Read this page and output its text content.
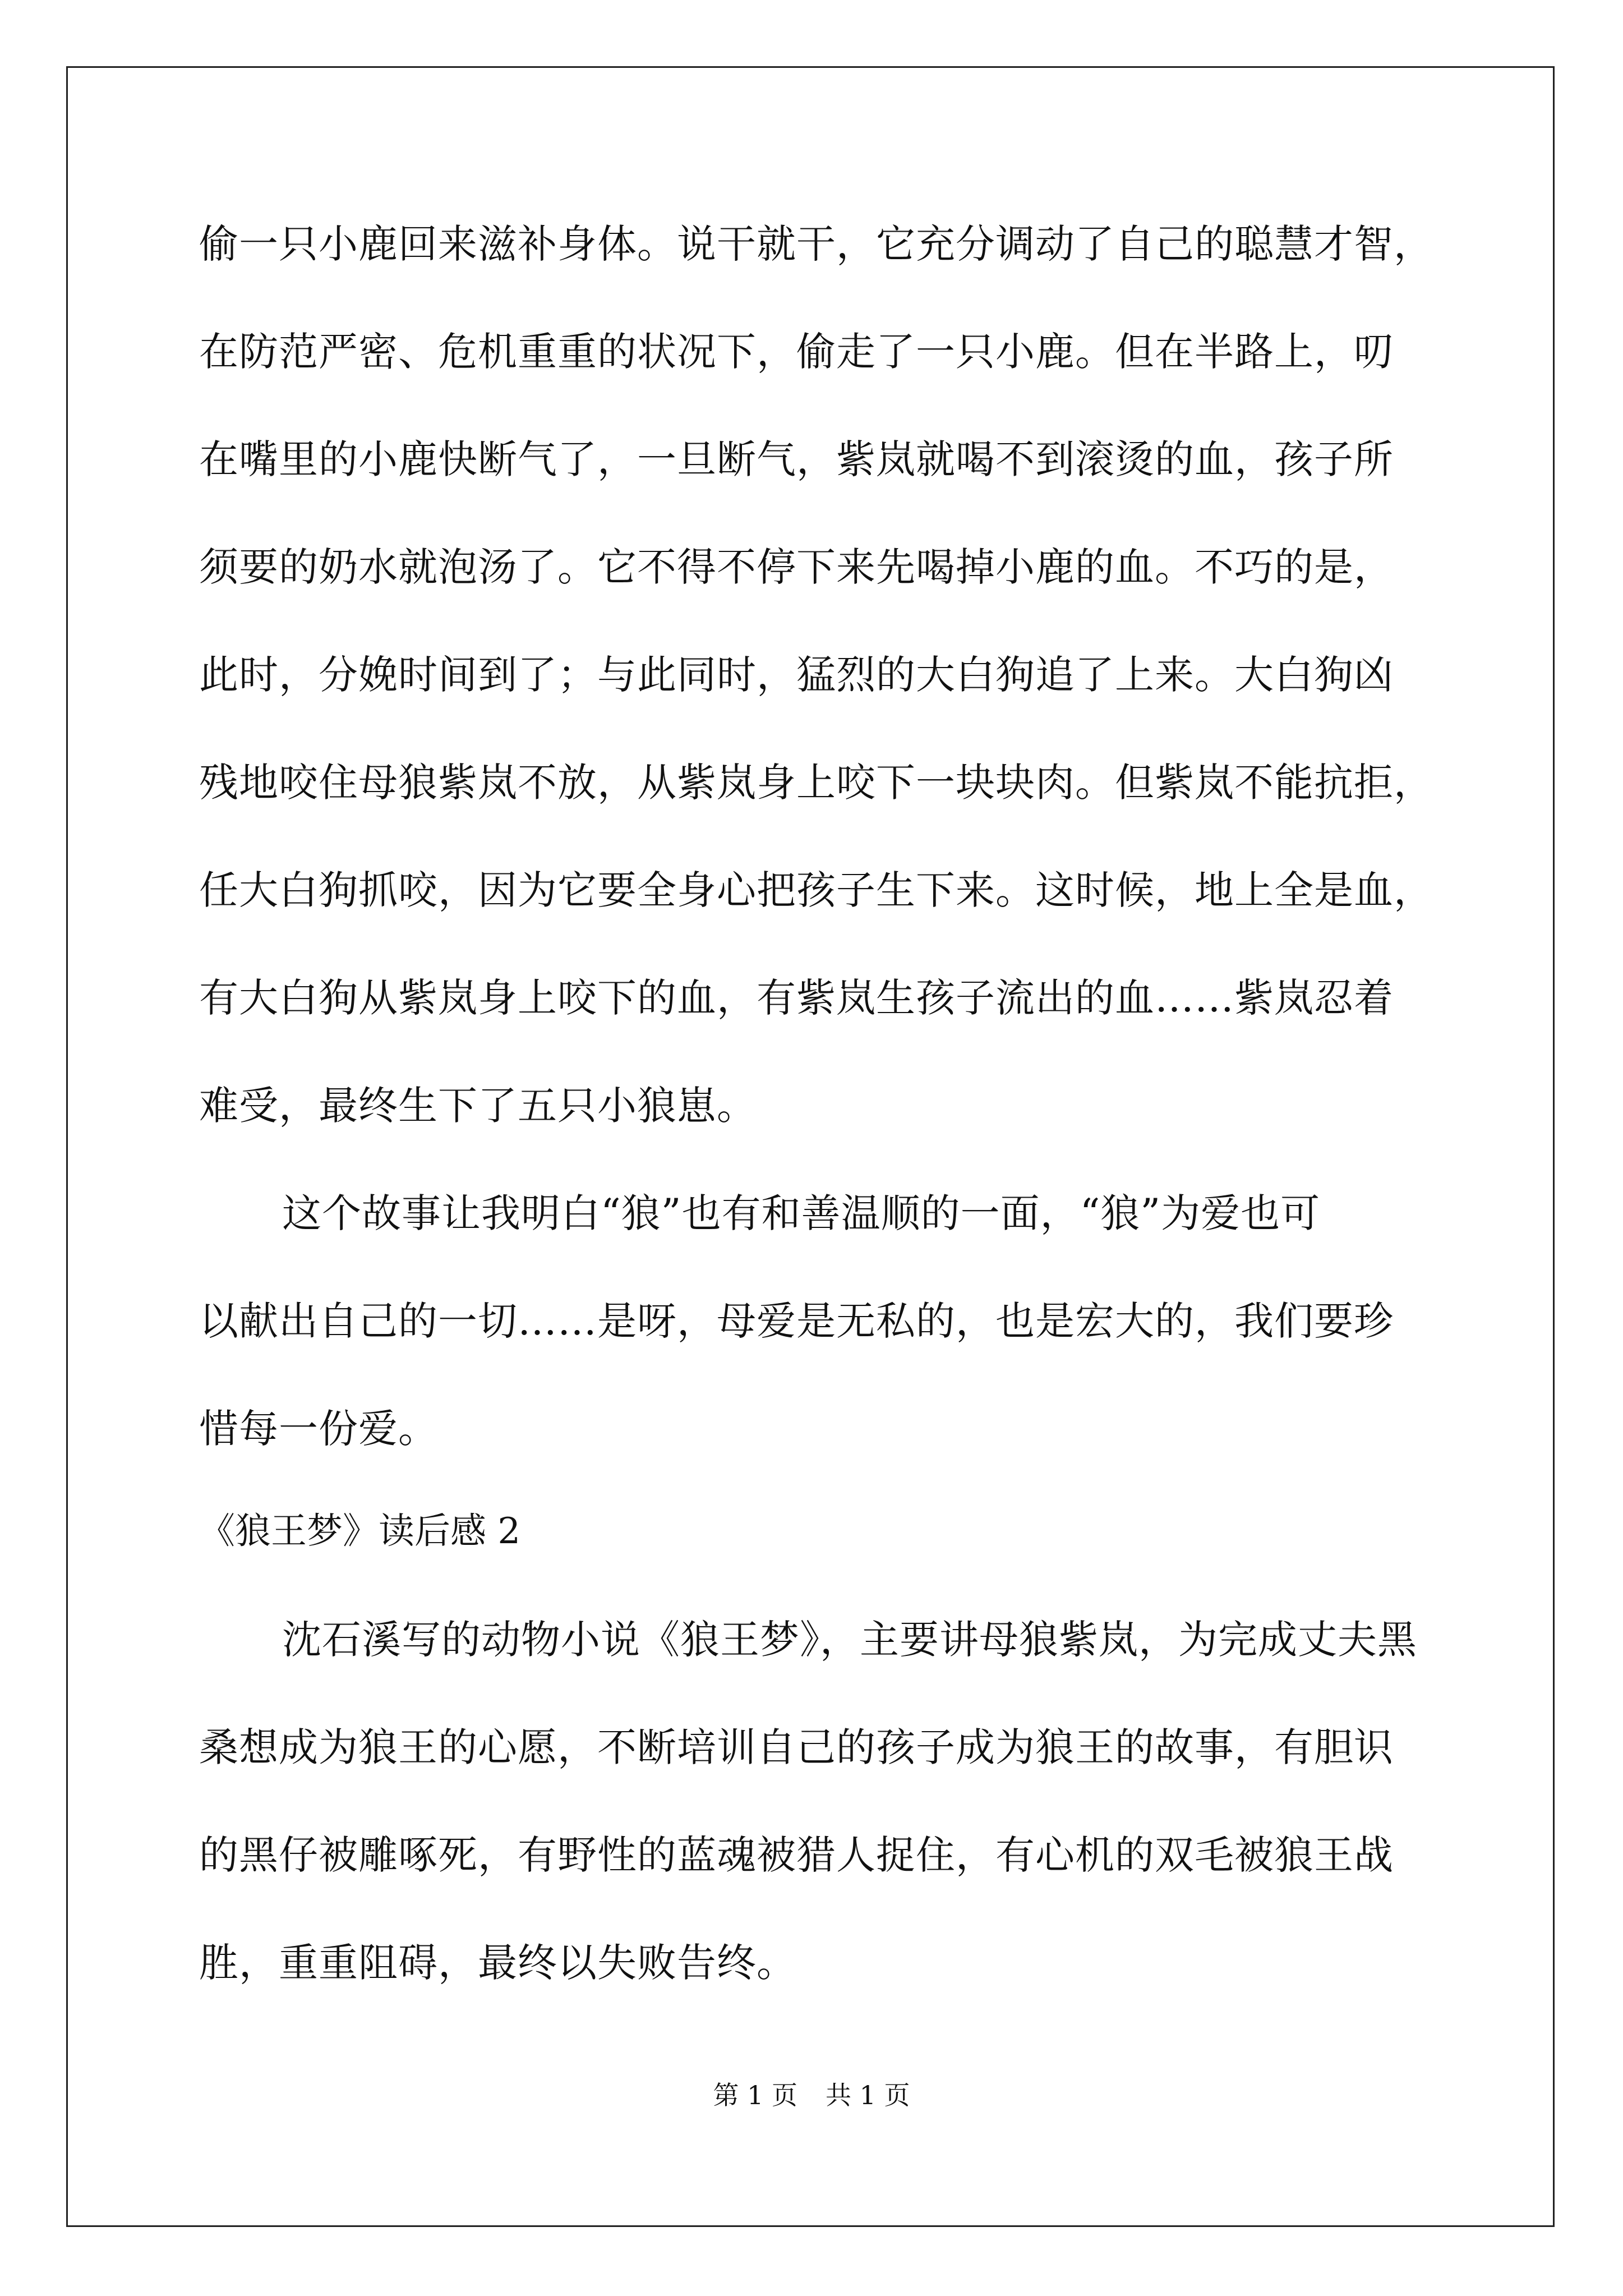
偷一只小鹿回来滋补身体。说干就干，它充分调动了自己的聪慧才智，
在防范严密、危机重重的状况下，偷走了一只小鹿。但在半路上，叨
在嘴里的小鹿快断气了，一旦断气，紫岚就喝不到滚烫的血，孩子所
须要的奶水就泡汤了。它不得不停下来先喝掉小鹿的血。不巧的是，
此时，分娩时间到了；与此同时，猛烈的大白狗追了上来。大白狗凶
残地咬住母狼紫岚不放，从紫岚身上咬下一块块肉。但紫岚不能抗拒，
任大白狗抓咬，因为它要全身心把孩子生下来。这时候，地上全是血，
有大白狗从紫岚身上咬下的血，有紫岚生孩子流出的血……紫岚忍着
难受，最终生下了五只小狼崽。
这个故事让我明白“狼”也有和善温顺的一面，“狼”为爱也可
以献出自己的一切……是呀，母爱是无私的，也是宏大的，我们要珍
惜每一份爱。
《狼王梦》读后感 2
沈石溪写的动物小说《狼王梦》，主要讲母狼紫岚，为完成丈夫黑
桑想成为狼王的心愿，不断培训自己的孩子成为狼王的故事，有胆识
的黑仔被雕啄死，有野性的蓝魂被猎人捉住，有心机的双毛被狼王战
胜，重重阻碍，最终以失败告终。
第 1 页 共 1 页
